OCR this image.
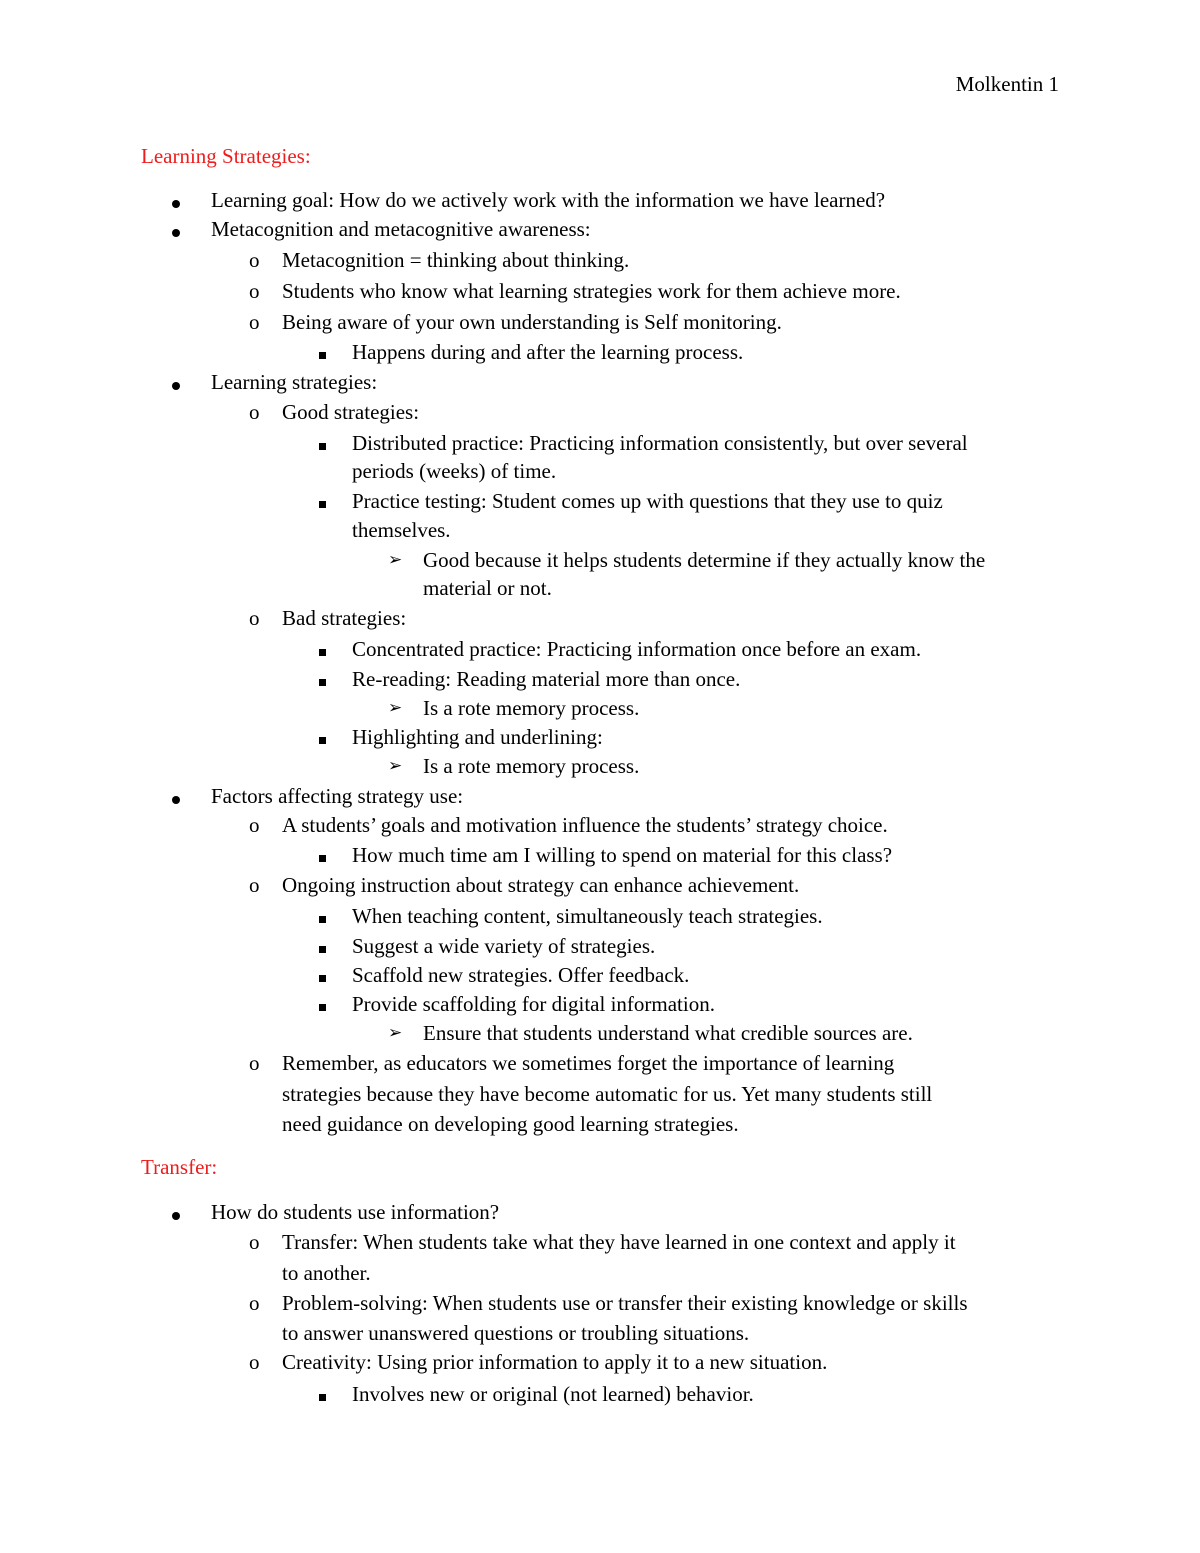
Molkentin 1
Learning Strategies:
Learning goal: How do we actively work with the information we have learned?
Metacognition and metacognitive awareness:
o Metacognition = thinking about thinking.
o Students who know what learning strategies work for them achieve more.
o Being aware of your own understanding is Self monitoring.
Happens during and after the learning process.
Learning strategies:
o Good strategies:
Distributed practice: Practicing information consistently, but over several
periods (weeks) of time.
Practice testing: Student comes up with questions that they use to quiz
themselves.
➢ Good because it helps students determine if they actually know the
material or not.
o Bad strategies:
Concentrated practice: Practicing information once before an exam.
Re-reading: Reading material more than once.
➢ Is a rote memory process.
Highlighting and underlining:
➢ Is a rote memory process.
Factors affecting strategy use:
o A students’ goals and motivation influence the students’ strategy choice.
How much time am I willing to spend on material for this class?
o Ongoing instruction about strategy can enhance achievement.
When teaching content, simultaneously teach strategies.
Suggest a wide variety of strategies.
Scaffold new strategies. Offer feedback.
Provide scaffolding for digital information.
➢ Ensure that students understand what credible sources are.
o Remember, as educators we sometimes forget the importance of learning
strategies because they have become automatic for us. Yet many students still
need guidance on developing good learning strategies.
Transfer:
How do students use information?
o Transfer: When students take what they have learned in one context and apply it
to another.
o Problem-solving: When students use or transfer their existing knowledge or skills
to answer unanswered questions or troubling situations.
o Creativity: Using prior information to apply it to a new situation.
Involves new or original (not learned) behavior.
